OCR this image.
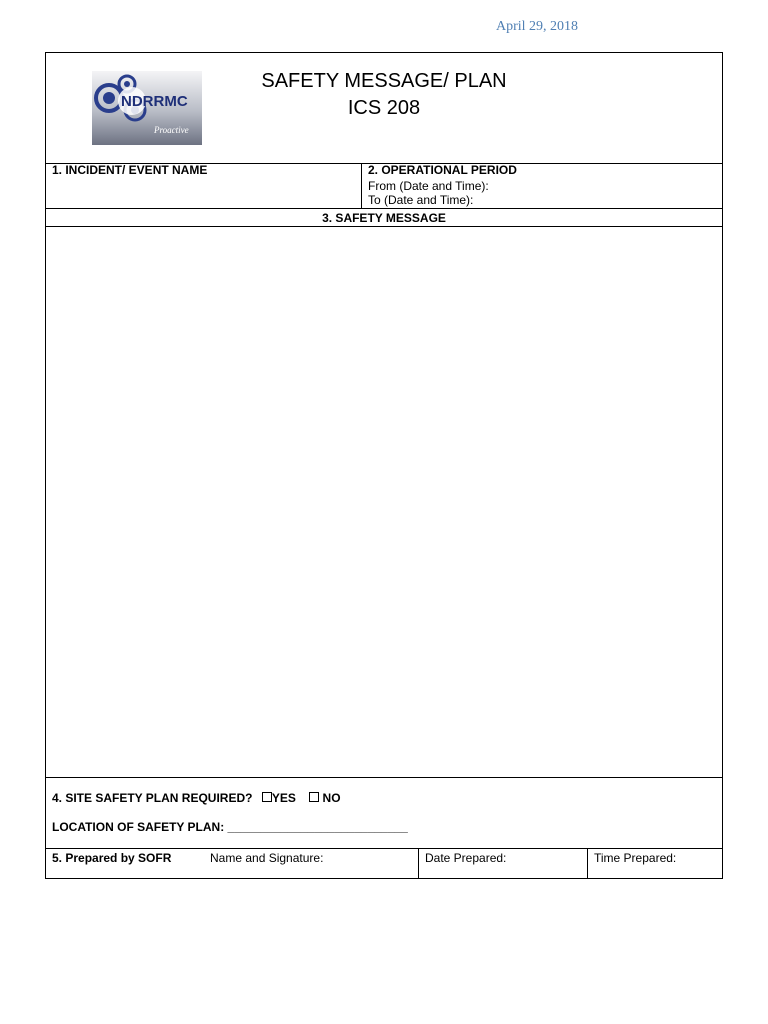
April 29, 2018
NDRRMC
Proactive
SAFETY MESSAGE/ PLAN
ICS 208
1. INCIDENT/ EVENT NAME	2. OPERATIONAL PERIOD
From (Date and Time):
To (Date and Time):
3. SAFETY MESSAGE
4. SITE SAFETY PLAN REQUIRED? YES NO
LOCATION OF SAFETY PLAN: ___________________________
5. Prepared by SOFR	Name and Signature:	Date Prepared:	Time Prepared:
